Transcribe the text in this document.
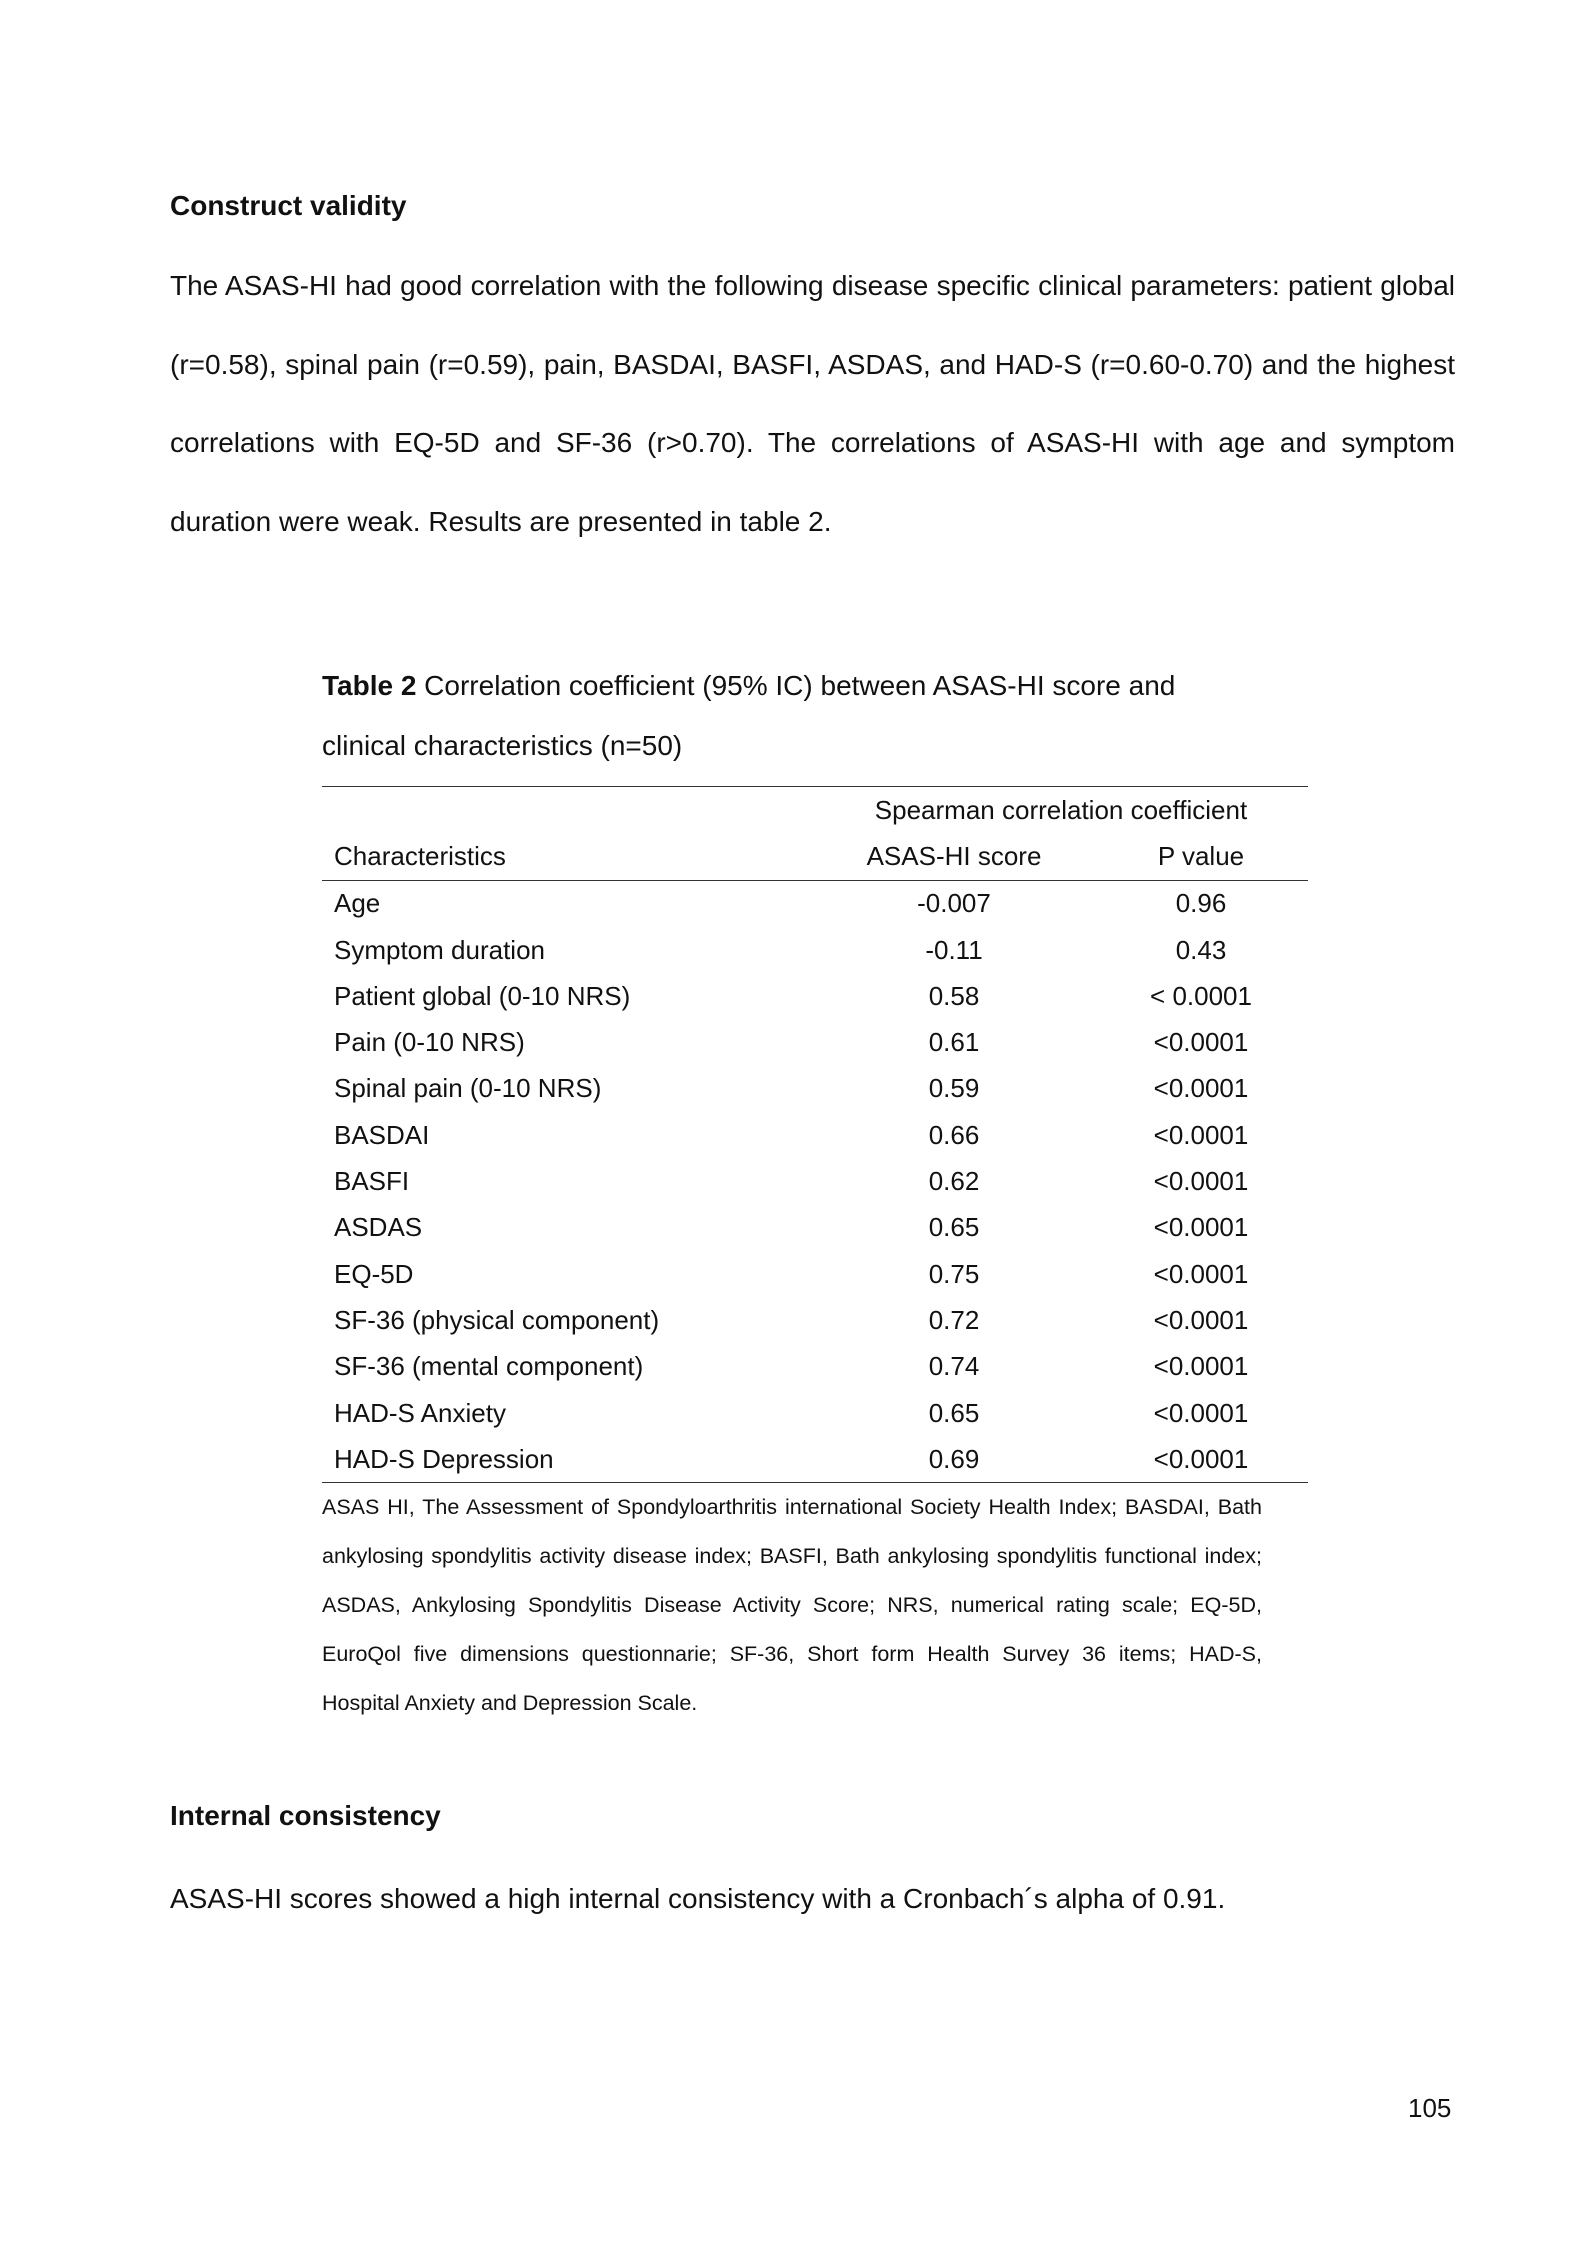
Construct validity

The ASAS-HI had good correlation with the following disease specific clinical parameters: patient global (r=0.58), spinal pain (r=0.59), pain, BASDAI, BASFI, ASDAS, and HAD-S (r=0.60-0.70) and the highest correlations with EQ-5D and SF-36 (r>0.70). The correlations of ASAS-HI with age and symptom duration were weak. Results are presented in table 2.

Table 2 Correlation coefficient (95% IC) between ASAS-HI score and clinical characteristics (n=50)

	Spearman correlation coefficient	
Characteristics	ASAS-HI score	P value
Age	-0.007	0.96
Symptom duration	-0.11	0.43
Patient global (0-10 NRS)	0.58	< 0.0001
Pain (0-10 NRS)	0.61	<0.0001
Spinal pain (0-10 NRS)	0.59	<0.0001
BASDAI	0.66	<0.0001
BASFI	0.62	<0.0001
ASDAS	0.65	<0.0001
EQ-5D	0.75	<0.0001
SF-36 (physical component)	0.72	<0.0001
SF-36 (mental component)	0.74	<0.0001
HAD-S Anxiety	0.65	<0.0001
HAD-S Depression	0.69	<0.0001

ASAS HI, The Assessment of Spondyloarthritis international Society Health Index; BASDAI, Bath ankylosing spondylitis activity disease index; BASFI, Bath ankylosing spondylitis functional index; ASDAS, Ankylosing Spondylitis Disease Activity Score; NRS, numerical rating scale; EQ-5D, EuroQol five dimensions questionnarie; SF-36, Short form Health Survey 36 items; HAD-S, Hospital Anxiety and Depression Scale.

Internal consistency

ASAS-HI scores showed a high internal consistency with a Cronbach´s alpha of 0.91.

105
